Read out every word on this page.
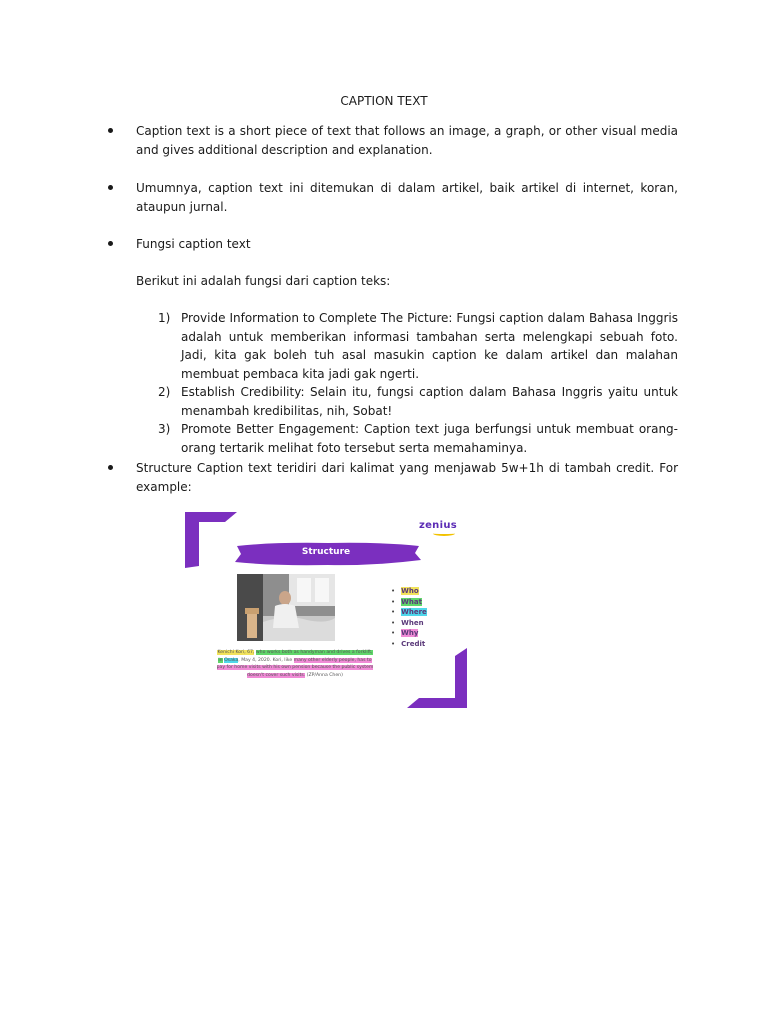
CAPTION TEXT
Caption text is a short piece of text that follows an image, a graph, or other visual media and gives additional description and explanation.
Umumnya, caption text ini ditemukan di dalam artikel, baik artikel di internet, koran, ataupun jurnal.
Fungsi caption text
Berikut ini adalah fungsi dari caption teks:
1) Provide Information to Complete The Picture: Fungsi caption dalam Bahasa Inggris adalah untuk memberikan informasi tambahan serta melengkapi sebuah foto. Jadi, kita gak boleh tuh asal masukin caption ke dalam artikel dan malahan membuat pembaca kita jadi gak ngerti.
2) Establish Credibility: Selain itu, fungsi caption dalam Bahasa Inggris yaitu untuk menambah kredibilitas, nih, Sobat!
3) Promote Better Engagement: Caption text juga berfungsi untuk membuat orang-orang tertarik melihat foto tersebut serta memahaminya.
Structure Caption text teridiri dari kalimat yang menjawab 5w+1h di tambah credit. For example:
zenius
Structure
Kenichi Kori, 67, who works both as handyman and drives a forklift, in Osaka, May 4, 2020. Kori, like many other elderly people, has to pay for home visits with his own pension because the public system doesn't cover such visits. (ZP/Anna Chen)
• Who
• What
• Where
• When
• Why
• Credit
